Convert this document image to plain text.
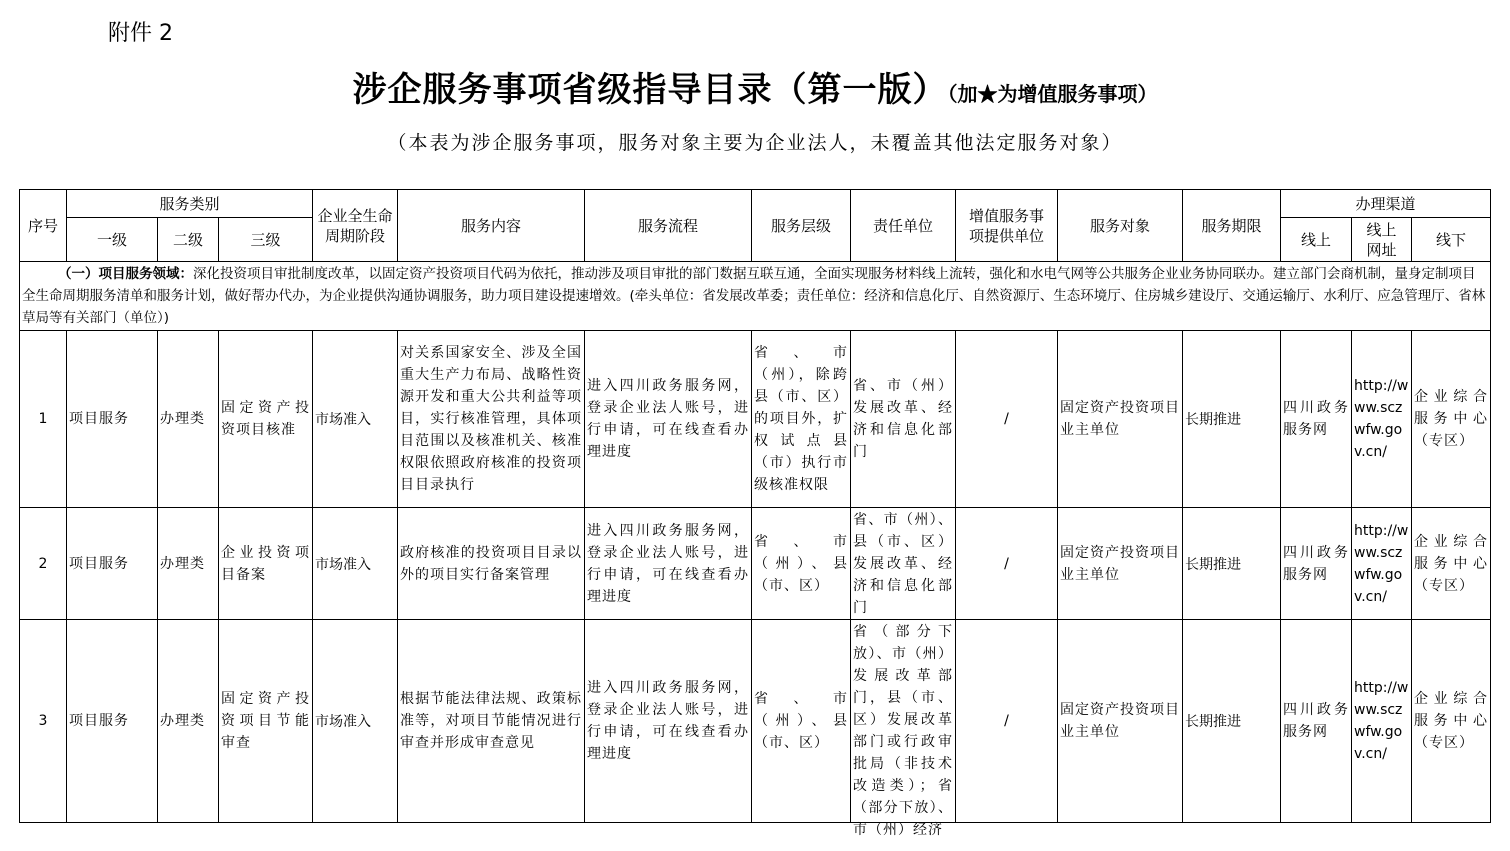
附件 2
涉企服务事项省级指导目录（第一版）（加★为增值服务事项）
（本表为涉企服务事项，服务对象主要为企业法人，未覆盖其他法定服务对象）
序号	服务类别			企业全生命周期阶段	服务内容	服务流程	服务层级	责任单位	增值服务事项提供单位	服务对象	服务期限	办理渠道		
	一级	二级	三级									线上	线上网址	线下
（一）项目服务领域：深化投资项目审批制度改革，以固定资产投资项目代码为依托，推动涉及项目审批的部门数据互联互通，全面实现服务材料线上流转，强化和水电气网等公共服务企业业务协同联办。建立部门会商机制，量身定制项目全生命周期服务清单和服务计划，做好帮办代办，为企业提供沟通协调服务，助力项目建设提速增效。(牵头单位：省发展改革委；责任单位：经济和信息化厅、自然资源厅、生态环境厅、住房城乡建设厅、交通运输厅、水利厅、应急管理厅、省林草局等有关部门（单位）)														
1	项目服务	办理类	固定资产投资项目核准	市场准入	对关系国家安全、涉及全国重大生产力布局、战略性资源开发和重大公共利益等项目，实行核准管理，具体项目范围以及核准机关、核准权限依照政府核准的投资项目目录执行	进入四川政务服务网，登录企业法人账号，进行申请，可在线查看办理进度	省、市（州），除跨县（市、区）的项目外，扩权试点县（市）执行市级核准权限	省、市（州）发展改革、经济和信息化部门	/	固定资产投资项目业主单位	长期推进	四川政务服务网	http://www.sczwfw.gov.cn/	企业综合服务中心（专区）
2	项目服务	办理类	企业投资项目备案	市场准入	政府核准的投资项目目录以外的项目实行备案管理	进入四川政务服务网，登录企业法人账号，进行申请，可在线查看办理进度	省、市（州）、县（市、区）	省、市（州）、县（市、区）发展改革、经济和信息化部门	/	固定资产投资项目业主单位	长期推进	四川政务服务网	http://www.sczwfw.gov.cn/	企业综合服务中心（专区）
3	项目服务	办理类	固定资产投资项目节能审查	市场准入	根据节能法律法规、政策标准等，对项目节能情况进行审查并形成审查意见	进入四川政务服务网，登录企业法人账号，进行申请，可在线查看办理进度	省、市（州）、县（市、区）	省（部分下放）、市（州）发展改革部门，县（市、区）发展改革部门或行政审批局（非技术改造类）；省（部分下放）、市（州）经济	/	固定资产投资项目业主单位	长期推进	四川政务服务网	http://www.sczwfw.gov.cn/	企业综合服务中心（专区）
